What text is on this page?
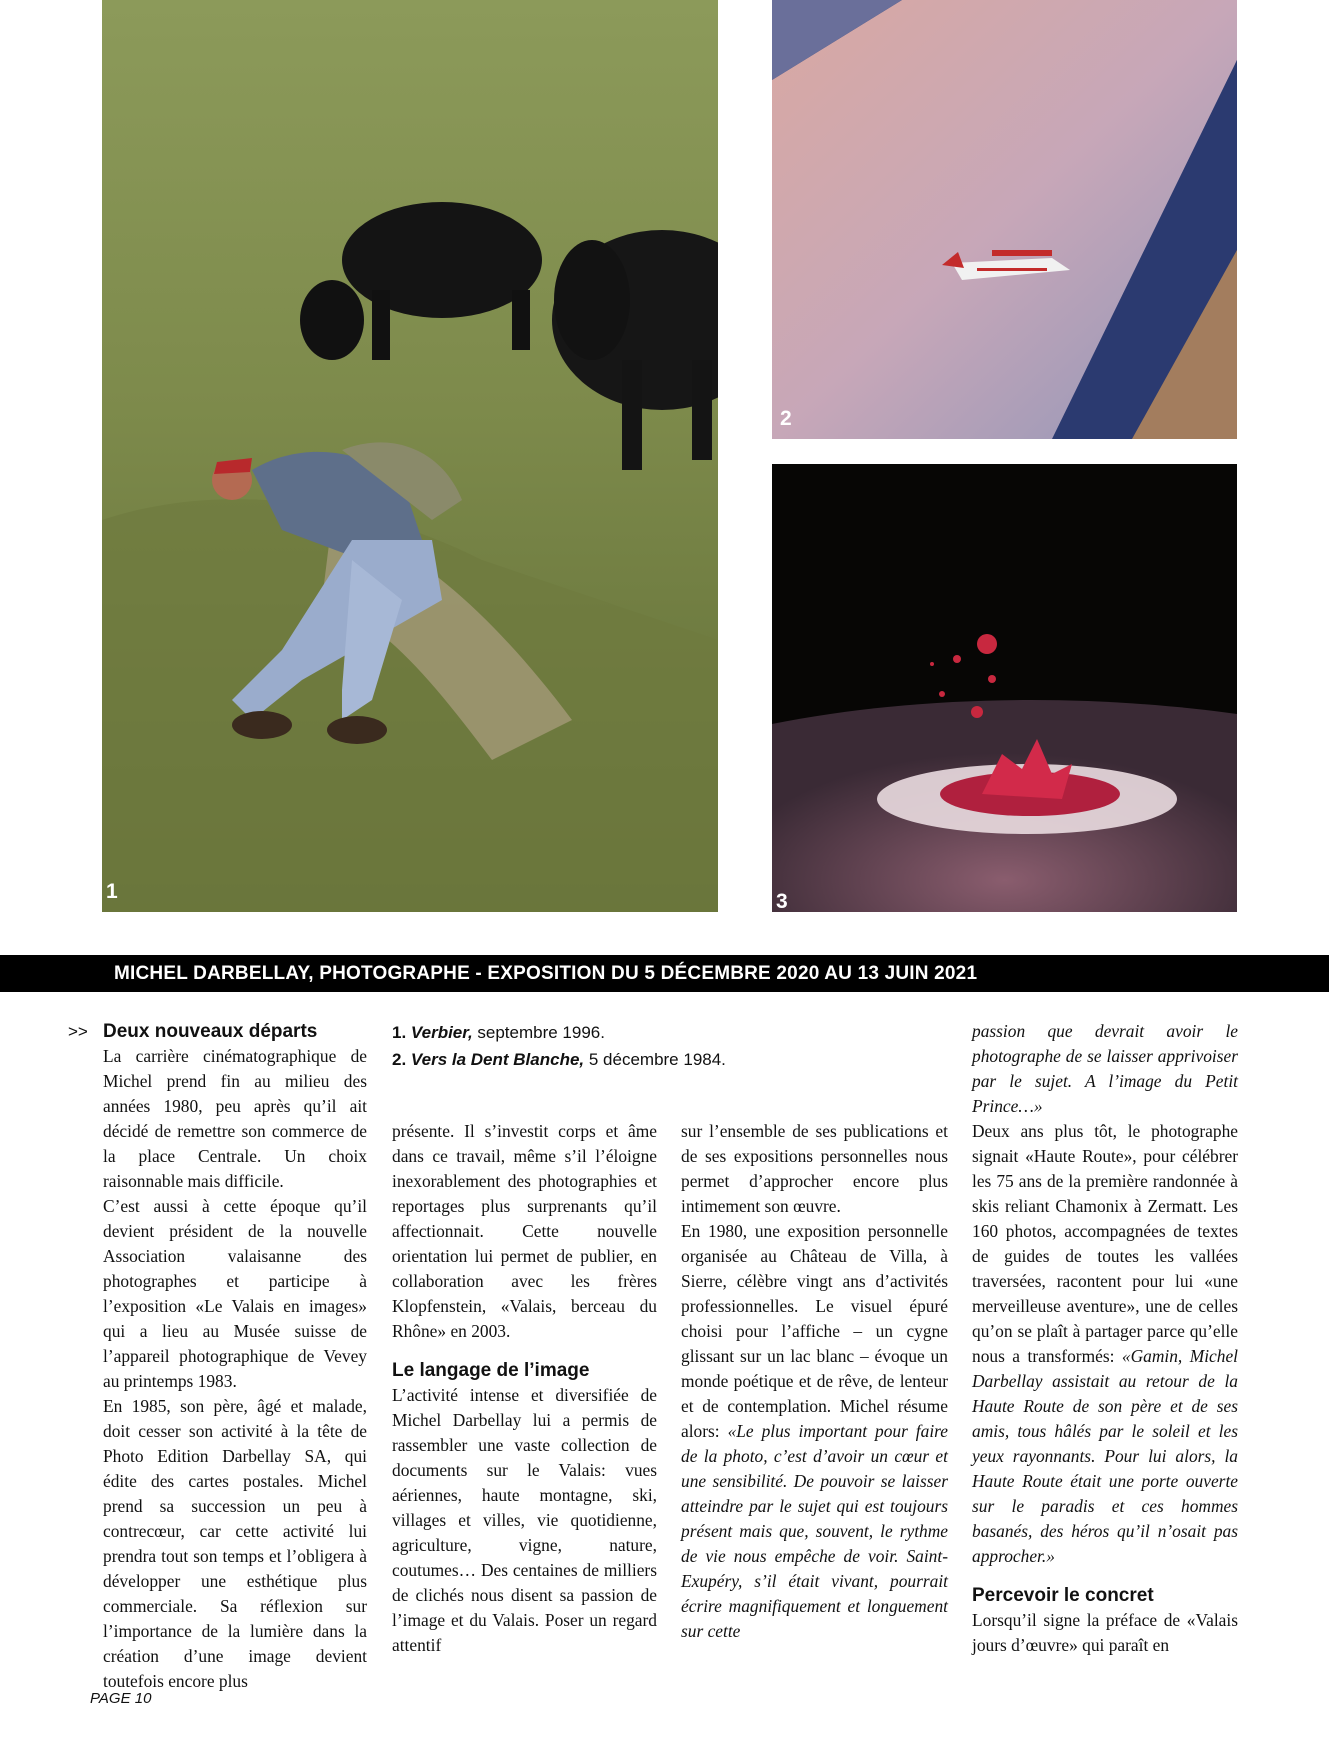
1
2
3
MICHEL DARBELLAY, PHOTOGRAPHE - EXPOSITION DU 5 DÉCEMBRE 2020 AU 13 JUIN 2021
>> Deux nouveaux départs

La carrière cinématographique de Michel prend fin au milieu des années 1980, peu après qu’il ait décidé de remettre son commerce de la place Centrale. Un choix raisonnable mais difficile.

C’est aussi à cette époque qu’il devient président de la nouvelle Association valaisanne des photographes et participe à l’exposition «Le Valais en images» qui a lieu au Musée suisse de l’appareil photographique de Vevey au printemps 1983.

En 1985, son père, âgé et malade, doit cesser son activité à la tête de Photo Edition Darbellay SA, qui édite des cartes postales. Michel prend sa succession un peu à contrecœur, car cette activité lui prendra tout son temps et l’obligera à développer une esthétique plus commerciale. Sa réflexion sur l’importance de la lumière dans la création d’une image devient toutefois encore plus

1. Verbier, septembre 1996.
2. Vers la Dent Blanche, 5 décembre 1984.

présente. Il s’investit corps et âme dans ce travail, même s’il l’éloigne inexorablement des photographies et reportages plus surprenants qu’il affectionnait. Cette nouvelle orientation lui permet de publier, en collaboration avec les frères Klopfenstein, «Valais, berceau du Rhône» en 2003.

Le langage de l’image

L’activité intense et diversifiée de Michel Darbellay lui a permis de rassembler une vaste collection de documents sur le Valais: vues aériennes, haute montagne, ski, villages et villes, vie quotidienne, agriculture, vigne, nature, coutumes… Des centaines de milliers de clichés nous disent sa passion de l’image et du Valais. Poser un regard attentif

sur l’ensemble de ses publications et de ses expositions personnelles nous permet d’approcher encore plus intimement son œuvre.

En 1980, une exposition personnelle organisée au Château de Villa, à Sierre, célèbre vingt ans d’activités professionnelles. Le visuel épuré choisi pour l’affiche – un cygne glissant sur un lac blanc – évoque un monde poétique et de rêve, de lenteur et de contemplation. Michel résume alors: «Le plus important pour faire de la photo, c’est d’avoir un cœur et une sensibilité. De pouvoir se laisser atteindre par le sujet qui est toujours présent mais que, souvent, le rythme de vie nous empêche de voir. Saint-Exupéry, s’il était vivant, pourrait écrire magnifiquement et longuement sur cette

passion que devrait avoir le photographe de se laisser apprivoiser par le sujet. A l’image du Petit Prince…»

Deux ans plus tôt, le photographe signait «Haute Route», pour célébrer les 75 ans de la première randonnée à skis reliant Chamonix à Zermatt. Les 160 photos, accompagnées de textes de guides de toutes les vallées traversées, racontent pour lui «une merveilleuse aventure», une de celles qu’on se plaît à partager parce qu’elle nous a transformés: «Gamin, Michel Darbellay assistait au retour de la Haute Route de son père et de ses amis, tous hâlés par le soleil et les yeux rayonnants. Pour lui alors, la Haute Route était une porte ouverte sur le paradis et ces hommes basanés, des héros qu’il n’osait pas approcher.»

Percevoir le concret

Lorsqu’il signe la préface de «Valais jours d’œuvre» qui paraît en

PAGE 10
